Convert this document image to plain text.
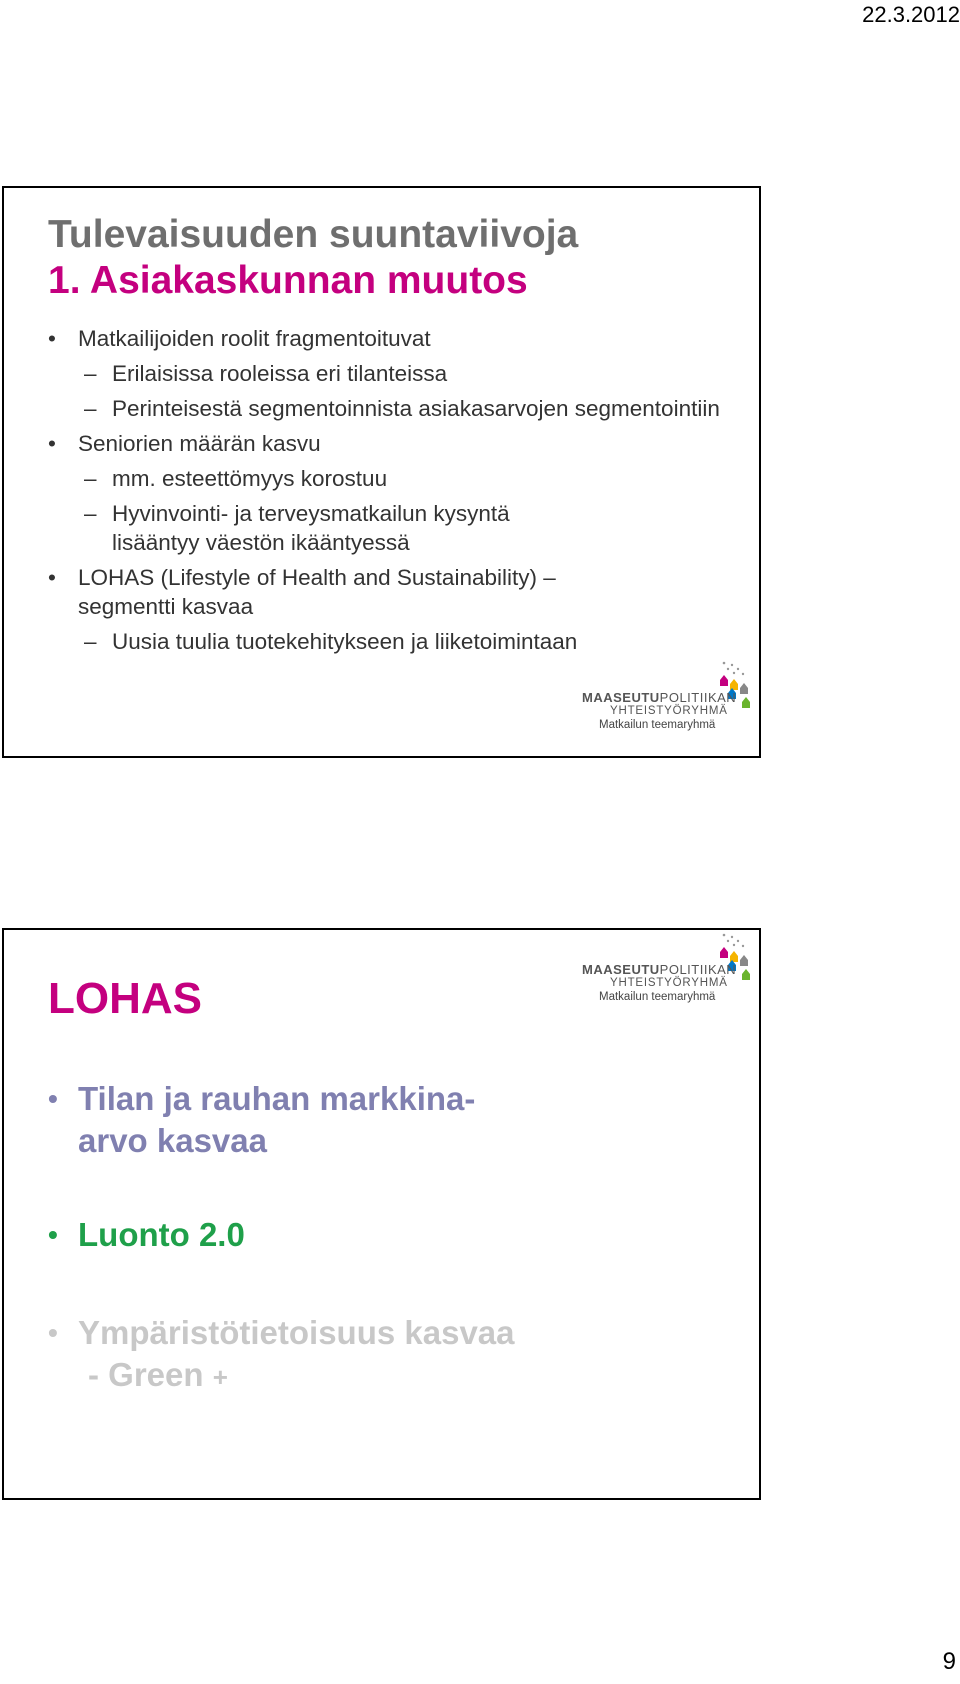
22.3.2012
Tulevaisuuden suuntaviivoja
1. Asiakaskunnan muutos
• Matkailijoiden roolit fragmentoituvat
– Erilaisissa rooleissa eri tilanteissa
– Perinteisestä segmentoinnista asiakasarvojen segmentointiin
• Seniorien määrän kasvu
– mm. esteettömyys korostuu
– Hyvinvointi- ja terveysmatkailun kysyntä lisääntyy väestön ikääntyessä
• LOHAS (Lifestyle of Health and Sustainability) – segmentti kasvaa
– Uusia tuulia tuotekehitykseen ja liiketoimintaan
MAASEUTUPOLITIIKAN
YHTEISTYÖRYHMÄ
Matkailun teemaryhmä
MAASEUTUPOLITIIKAN
YHTEISTYÖRYHMÄ
Matkailun teemaryhmä
LOHAS
• Tilan ja rauhan markkina-arvo kasvaa
• Luonto 2.0
• Ympäristötietoisuus kasvaa
- Green +
9
